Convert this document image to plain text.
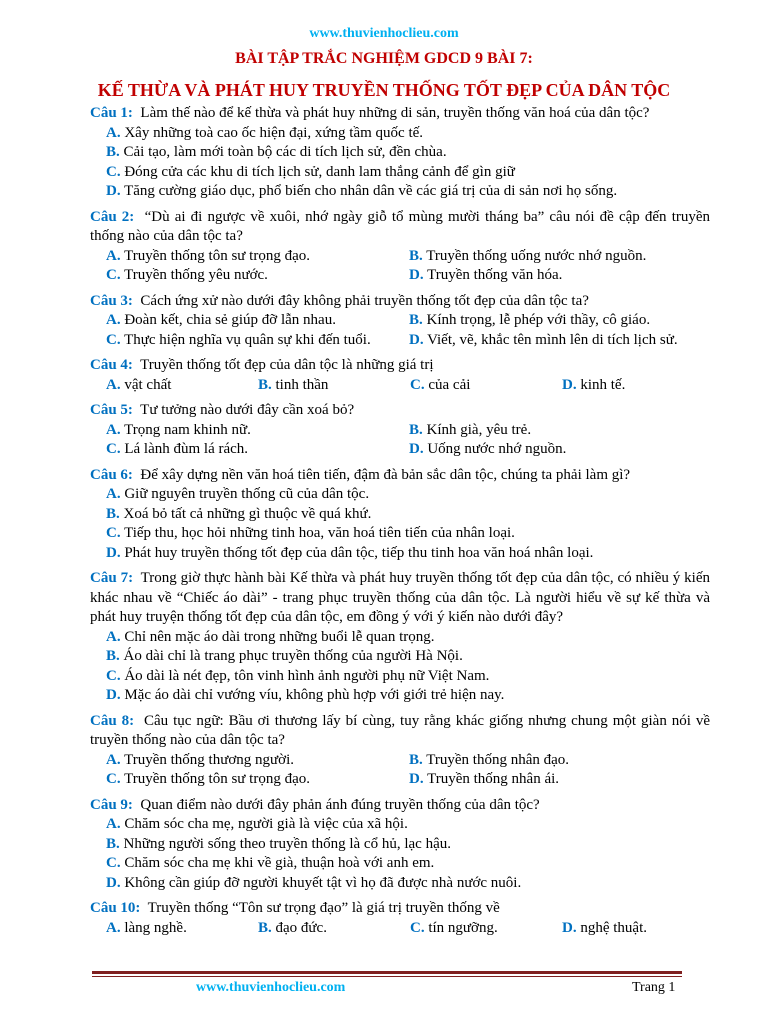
www.thuvienhoclieu.com
BÀI TẬP TRẮC NGHIỆM GDCD 9 BÀI 7:
KẾ THỪA VÀ PHÁT HUY TRUYỀN THỐNG TỐT ĐẸP CỦA DÂN TỘC
Câu 1: Làm thế nào để kế thừa và phát huy những di sản, truyền thống văn hoá của dân tộc?
A. Xây những toà cao ốc hiện đại, xứng tầm quốc tế.
B. Cải tạo, làm mới toàn bộ các di tích lịch sử, đền chùa.
C. Đóng cửa các khu di tích lịch sử, danh lam thắng cảnh để gìn giữ
D. Tăng cường giáo dục, phổ biến cho nhân dân về các giá trị của di sản nơi họ sống.
Câu 2: “Dù ai đi ngược về xuôi, nhớ ngày giỗ tổ mùng mười tháng ba” câu nói đề cập đến truyền thống nào của dân tộc ta?
A. Truyền thống tôn sư trọng đạo.	B. Truyền thống uống nước nhớ nguồn.
C. Truyền thống yêu nước.	D. Truyền thống văn hóa.
Câu 3: Cách ứng xử nào dưới đây không phải truyền thống tốt đẹp của dân tộc ta?
A. Đoàn kết, chia sẻ giúp đỡ lẫn nhau.	B. Kính trọng, lễ phép với thầy, cô giáo.
C. Thực hiện nghĩa vụ quân sự khi đến tuổi.	D. Viết, vẽ, khắc tên mình lên di tích lịch sử.
Câu 4: Truyền thống tốt đẹp của dân tộc là những giá trị
A. vật chất	B. tinh thần	C. của cải	D. kinh tế.
Câu 5: Tư tưởng nào dưới đây cần xoá bỏ?
A. Trọng nam khinh nữ.	B. Kính già, yêu trẻ.
C. Lá lành đùm lá rách.	D. Uống nước nhớ nguồn.
Câu 6: Để xây dựng nền văn hoá tiên tiến, đậm đà bản sắc dân tộc, chúng ta phải làm gì?
A. Giữ nguyên truyền thống cũ của dân tộc.
B. Xoá bỏ tất cả những gì thuộc về quá khứ.
C. Tiếp thu, học hỏi những tinh hoa, văn hoá tiên tiến của nhân loại.
D. Phát huy truyền thống tốt đẹp của dân tộc, tiếp thu tinh hoa văn hoá nhân loại.
Câu 7: Trong giờ thực hành bài Kế thừa và phát huy truyền thống tốt đẹp của dân tộc, có nhiều ý kiến khác nhau về “Chiếc áo dài” - trang phục truyền thống của dân tộc. Là người hiểu về sự kế thừa và phát huy truyện thống tốt đẹp của dân tộc, em đồng ý với ý kiến nào dưới đây?
A. Chỉ nên mặc áo dài trong những buổi lễ quan trọng.
B. Áo dài chỉ là trang phục truyền thống của người Hà Nội.
C. Áo dài là nét đẹp, tôn vinh hình ảnh người phụ nữ Việt Nam.
D. Mặc áo dài chỉ vướng víu, không phù hợp với giới trẻ hiện nay.
Câu 8: Câu tục ngữ: Bầu ơi thương lấy bí cùng, tuy rằng khác giống nhưng chung một giàn nói về truyền thống nào của dân tộc ta?
A. Truyền thống thương người.	B. Truyền thống nhân đạo.
C. Truyền thống tôn sư trọng đạo.	D. Truyền thống nhân ái.
Câu 9: Quan điểm nào dưới đây phản ánh đúng truyền thống của dân tộc?
A. Chăm sóc cha mẹ, người già là việc của xã hội.
B. Những người sống theo truyền thống là cổ hủ, lạc hậu.
C. Chăm sóc cha mẹ khi về già, thuận hoà với anh em.
D. Không cần giúp đỡ người khuyết tật vì họ đã được nhà nước nuôi.
Câu 10: Truyền thống “Tôn sư trọng đạo” là giá trị truyền thống về
A. làng nghề.	B. đạo đức.	C. tín ngưỡng.	D. nghệ thuật.
www.thuvienhoclieu.com	Trang 1
